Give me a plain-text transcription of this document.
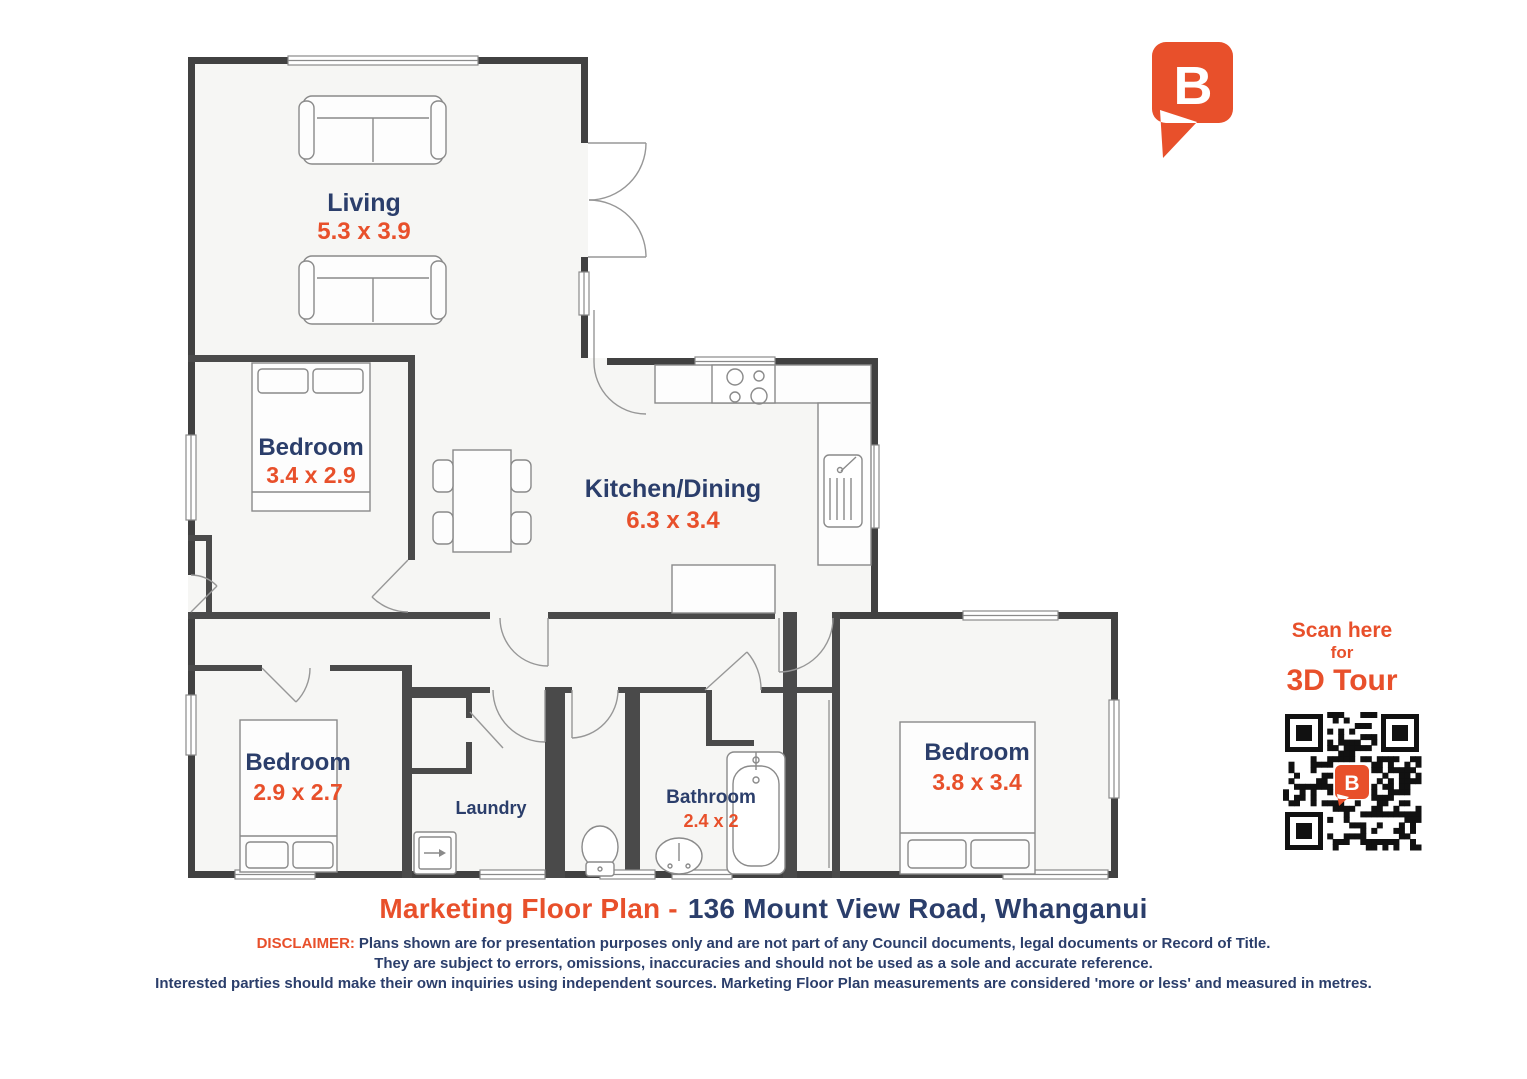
Living
5.3 x 3.9
Bedroom
3.4 x 2.9	Kitchen/Dining
6.3 x 3.4
Bedroom
2.9 x 2.7
Laundry	Bathroom
2.4 x 2
Bedroom
3.8 x 3.4
B
B
Scan here
for
3D Tour
Marketing Floor Plan - 136 Mount View Road, Whanganui
DISCLAIMER: Plans shown are for presentation purposes only and are not part of any Council documents, legal documents or Record of Title.
They are subject to errors, omissions, inaccuracies and should not be used as a sole and accurate reference.
Interested parties should make their own inquiries using independent sources. Marketing Floor Plan measurements are considered 'more or less' and measured in metres.
